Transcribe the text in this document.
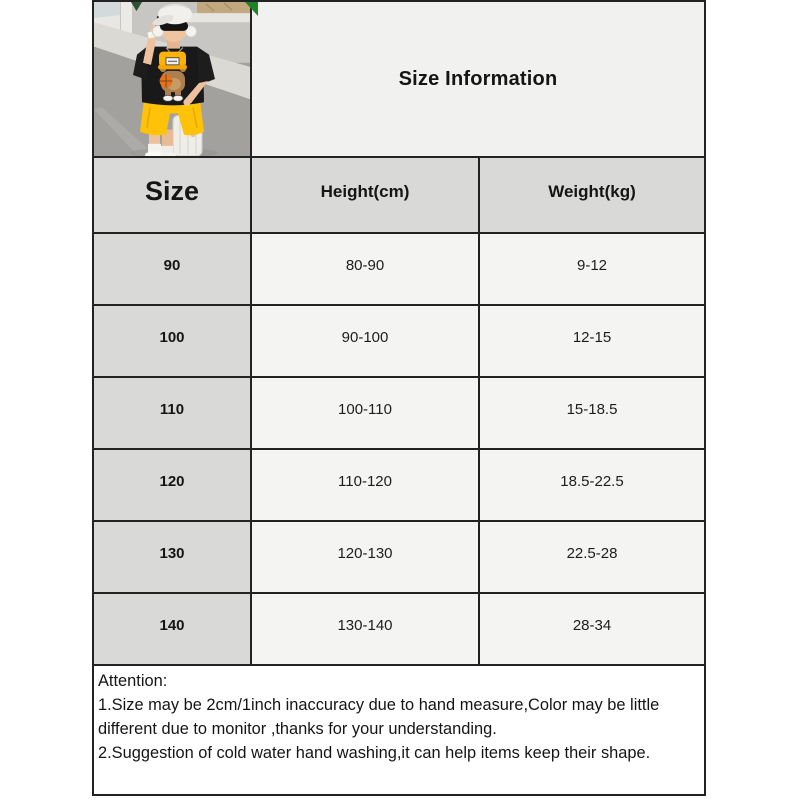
Size Information
Size	Height(cm)	Weight(kg)
90	80-90	9-12
100	90-100	12-15
110	100-110	15-18.5
120	110-120	18.5-22.5
130	120-130	22.5-28
140	130-140	28-34
Attention:
1.Size may be 2cm/1inch inaccuracy due to hand measure,Color may be little
different due to monitor ,thanks for your understanding.
2.Suggestion of cold water hand washing,it can help items keep their shape.
